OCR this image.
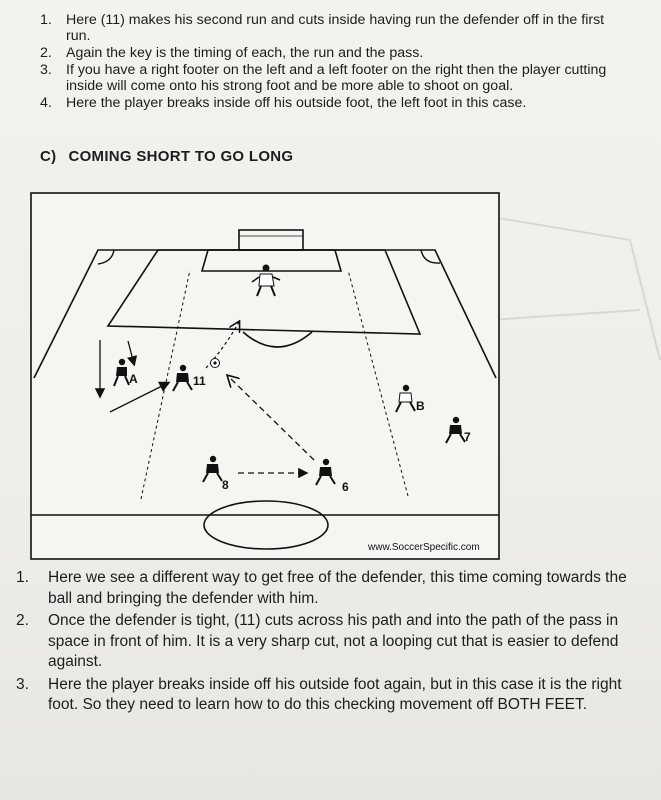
1. Here (11) makes his second run and cuts inside having run the defender off in the first run.
2. Again the key is the timing of each, the run and the pass.
3. If you have a right footer on the left and a left footer on the right then the player cutting inside will come onto his strong foot and be more able to shoot on goal.
4. Here the player breaks inside off his outside foot, the left foot in this case.
C) COMING SHORT TO GO LONG
A	11
B
7
8	6
www.SoccerSpecific.com
1. Here we see a different way to get free of the defender, this time coming towards the ball and bringing the defender with him.
2. Once the defender is tight, (11) cuts across his path and into the path of the pass in space in front of him. It is a very sharp cut, not a looping cut that is easier to defend against.
3. Here the player breaks inside off his outside foot again, but in this case it is the right foot. So they need to learn how to do this checking movement off BOTH FEET.
